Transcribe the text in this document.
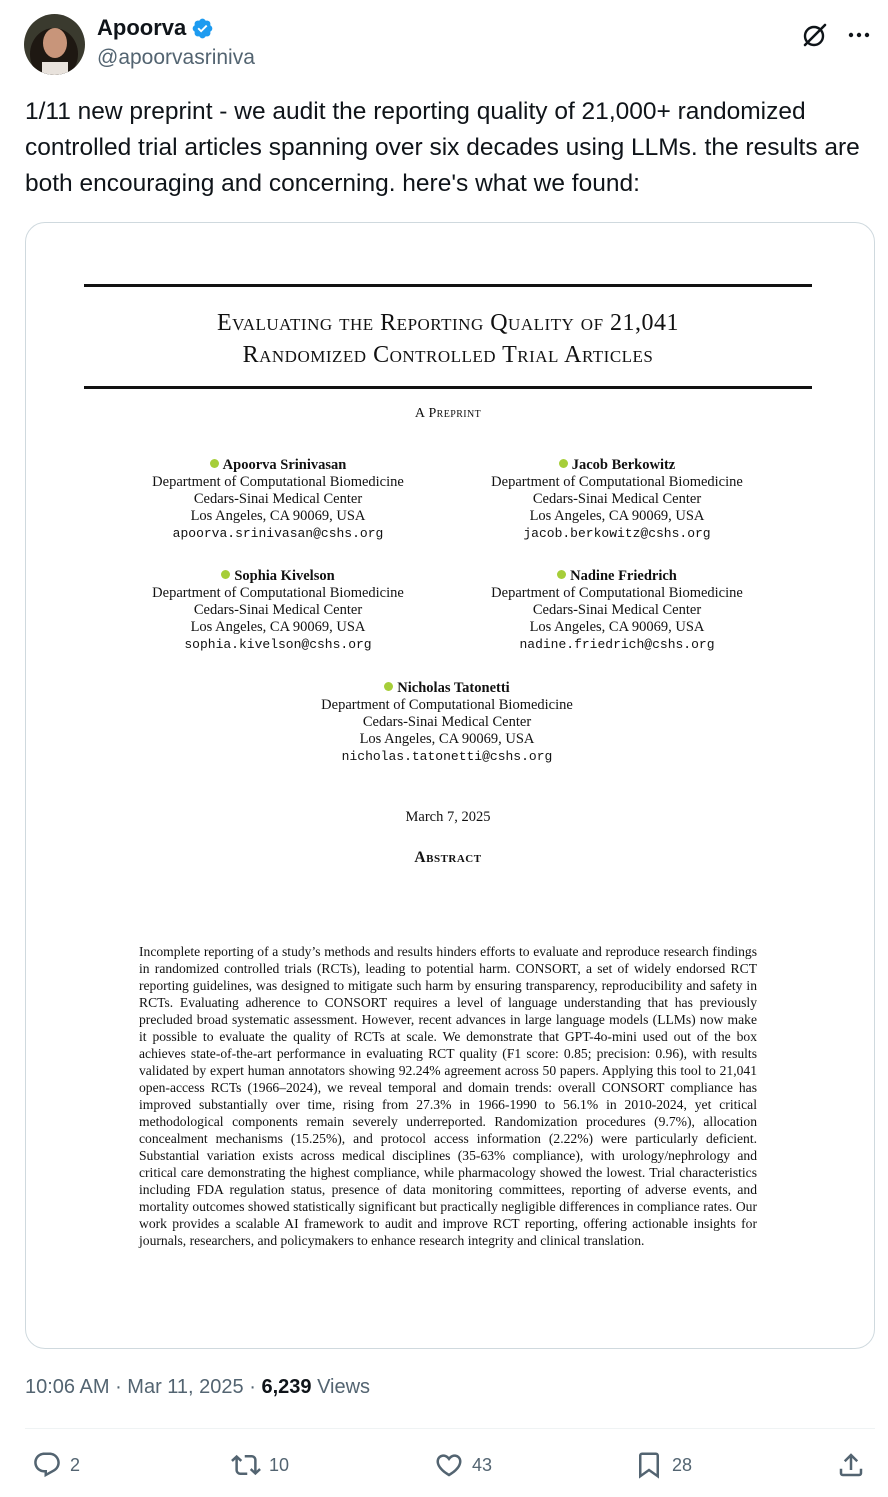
Apoorva
@apoorvasriniva
1/11 new preprint - we audit the reporting quality of 21,000+ randomized controlled trial articles spanning over six decades using LLMs. the results are both encouraging and concerning. here's what we found:
Evaluating the Reporting Quality of 21,041
Randomized Controlled Trial Articles
A Preprint
Apoorva Srinivasan
Department of Computational Biomedicine
Cedars-Sinai Medical Center
Los Angeles, CA 90069, USA
apoorva.srinivasan@cshs.org
Jacob Berkowitz
Department of Computational Biomedicine
Cedars-Sinai Medical Center
Los Angeles, CA 90069, USA
jacob.berkowitz@cshs.org
Sophia Kivelson
Department of Computational Biomedicine
Cedars-Sinai Medical Center
Los Angeles, CA 90069, USA
sophia.kivelson@cshs.org
Nadine Friedrich
Department of Computational Biomedicine
Cedars-Sinai Medical Center
Los Angeles, CA 90069, USA
nadine.friedrich@cshs.org
Nicholas Tatonetti
Department of Computational Biomedicine
Cedars-Sinai Medical Center
Los Angeles, CA 90069, USA
nicholas.tatonetti@cshs.org
March 7, 2025
Abstract
Incomplete reporting of a study’s methods and results hinders efforts to evaluate and reproduce research findings in randomized controlled trials (RCTs), leading to potential harm. CONSORT, a set of widely endorsed RCT reporting guidelines, was designed to mitigate such harm by ensuring transparency, reproducibility and safety in RCTs. Evaluating adherence to CONSORT requires a level of language understanding that has previously precluded broad systematic assessment. However, recent advances in large language models (LLMs) now make it possible to evaluate the quality of RCTs at scale. We demonstrate that GPT-4o-mini used out of the box achieves state-of-the-art performance in evaluating RCT quality (F1 score: 0.85; precision: 0.96), with results validated by expert human annotators showing 92.24% agreement across 50 papers. Applying this tool to 21,041 open-access RCTs (1966–2024), we reveal temporal and domain trends: overall CONSORT compliance has improved substantially over time, rising from 27.3% in 1966-1990 to 56.1% in 2010-2024, yet critical methodological components remain severely underreported. Randomization procedures (9.7%), allocation concealment mechanisms (15.25%), and protocol access information (2.22%) were particularly deficient. Substantial variation exists across medical disciplines (35-63% compliance), with urology/nephrology and critical care demonstrating the highest compliance, while pharmacology showed the lowest. Trial characteristics including FDA regulation status, presence of data monitoring committees, reporting of adverse events, and mortality outcomes showed statistically significant but practically negligible differences in compliance rates. Our work provides a scalable AI framework to audit and improve RCT reporting, offering actionable insights for journals, researchers, and policymakers to enhance research integrity and clinical translation.
10:06 AM · Mar 11, 2025 · 6,239 Views
2	10	43	28
